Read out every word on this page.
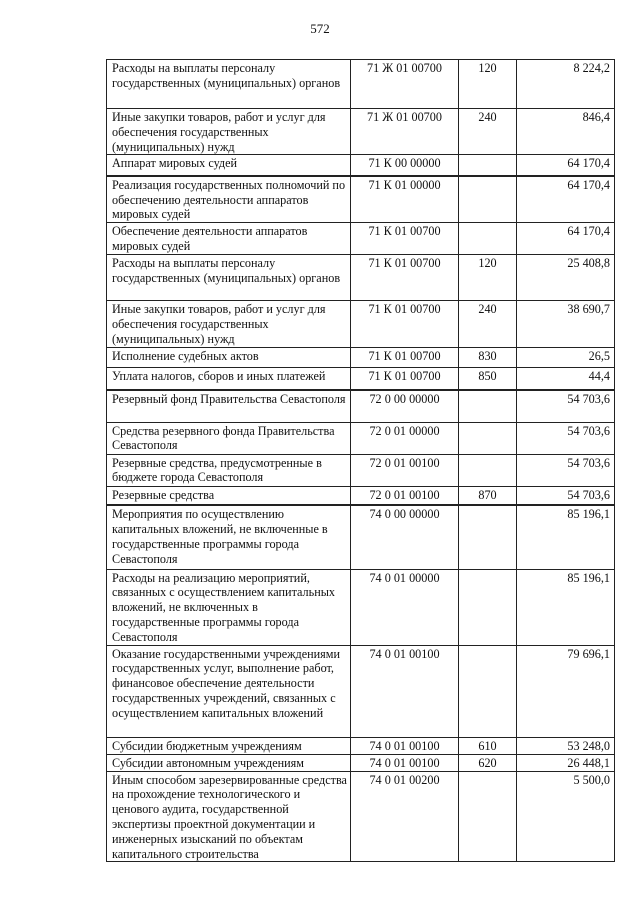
572
Расходы на выплаты персоналу государственных (муниципальных) органов	71 Ж 01 00700	120	8 224,2
Иные закупки товаров, работ и услуг для обеспечения государственных (муниципальных) нужд	71 Ж 01 00700	240	846,4
Аппарат мировых судей	71 К 00 00000		64 170,4
Реализация государственных полномочий по обеспечению деятельности аппаратов мировых судей	71 К 01 00000		64 170,4
Обеспечение деятельности аппаратов мировых судей	71 К 01 00700		64 170,4
Расходы на выплаты персоналу государственных (муниципальных) органов	71 К 01 00700	120	25 408,8
Иные закупки товаров, работ и услуг для обеспечения государственных (муниципальных) нужд	71 К 01 00700	240	38 690,7
Исполнение судебных актов	71 К 01 00700	830	26,5
Уплата налогов, сборов и иных платежей	71 К 01 00700	850	44,4
Резервный фонд Правительства Севастополя	72 0 00 00000		54 703,6
Средства резервного фонда Правительства Севастополя	72 0 01 00000		54 703,6
Резервные средства, предусмотренные в бюджете города Севастополя	72 0 01 00100		54 703,6
Резервные средства	72 0 01 00100	870	54 703,6
Мероприятия по осуществлению капитальных вложений, не включенные в государственные программы города Севастополя	74 0 00 00000		85 196,1
Расходы на реализацию мероприятий, связанных с осуществлением капитальных вложений, не включенных в государственные программы города Севастополя	74 0 01 00000		85 196,1
Оказание государственными учреждениями государственных услуг, выполнение работ, финансовое обеспечение деятельности государственных учреждений, связанных с осуществлением капитальных вложений	74 0 01 00100		79 696,1
Субсидии бюджетным учреждениям	74 0 01 00100	610	53 248,0
Субсидии автономным учреждениям	74 0 01 00100	620	26 448,1
Иным способом зарезервированные средства на прохождение технологического и ценового аудита, государственной экспертизы проектной документации и инженерных изысканий по объектам капитального строительства	74 0 01 00200		5 500,0
